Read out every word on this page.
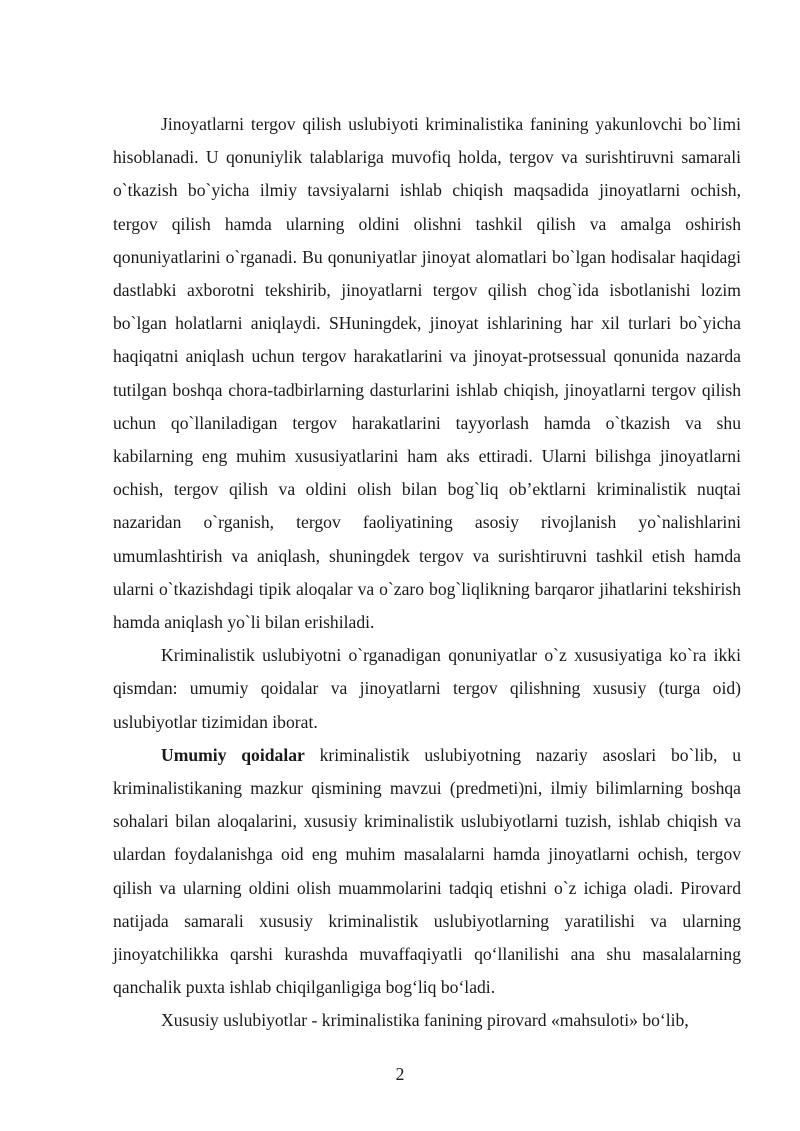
Jinoyatlarni tergov qilish uslubiyoti kriminalistika fanining yakunlovchi bo`limi hisoblanadi. U qonuniylik talablariga muvofiq holda, tergov va surishtiruvni samarali o`tkazish bo`yicha ilmiy tavsiyalarni ishlab chiqish maqsadida jinoyatlarni ochish, tergov qilish hamda ularning oldini olishni tashkil qilish va amalga oshirish qonuniyatlarini o`rganadi. Bu qonuniyatlar jinoyat alomatlari bo`lgan hodisalar haqidagi dastlabki axborotni tekshirib, jinoyatlarni tergov qilish chog`ida isbotlanishi lozim bo`lgan holatlarni aniqlaydi. SHuningdek, jinoyat ishlarining har xil turlari bo`yicha haqiqatni aniqlash uchun tergov harakatlarini va jinoyat-protsessual qonunida nazarda tutilgan boshqa chora-tadbirlarning dasturlarini ishlab chiqish, jinoyatlarni tergov qilish uchun qo`llaniladigan tergov harakatlarini tayyorlash hamda o`tkazish va shu kabilarning eng muhim xususiyatlarini ham aks ettiradi. Ularni bilishga jinoyatlarni ochish, tergov qilish va oldini olish bilan bog`liq ob’ektlarni kriminalistik nuqtai nazaridan o`rganish, tergov faoliyatining asosiy rivojlanish yo`nalishlarini umumlashtirish va aniqlash, shuningdek tergov va surishtiruvni tashkil etish hamda ularni o`tkazishdagi tipik aloqalar va o`zaro bog`liqlikning barqaror jihatlarini tekshirish hamda aniqlash yo`li bilan erishiladi.

Kriminalistik uslubiyotni o`rganadigan qonuniyatlar o`z xususiyatiga ko`ra ikki qismdan: umumiy qoidalar va jinoyatlarni tergov qilishning xususiy (turga oid) uslubiyotlar tizimidan iborat.

Umumiy qoidalar kriminalistik uslubiyotning nazariy asoslari bo`lib, u kriminalistikaning mazkur qismining mavzui (predmeti)ni, ilmiy bilimlarning boshqa sohalari bilan aloqalarini, xususiy kriminalistik uslubiyotlarni tuzish, ishlab chiqish va ulardan foydalanishga oid eng muhim masalalarni hamda jinoyatlarni ochish, tergov qilish va ularning oldini olish muammolarini tadqiq etishni o`z ichiga oladi. Pirovard natijada samarali xususiy kriminalistik uslubiyotlarning yaratilishi va ularning jinoyatchilikka qarshi kurashda muvaffaqiyatli qo‘llanilishi ana shu masalalarning qanchalik puxta ishlab chiqilganligiga bog‘liq bo‘ladi.

Xususiy uslubiyotlar - kriminalistika fanining pirovard «mahsuloti» bo‘lib,

2
